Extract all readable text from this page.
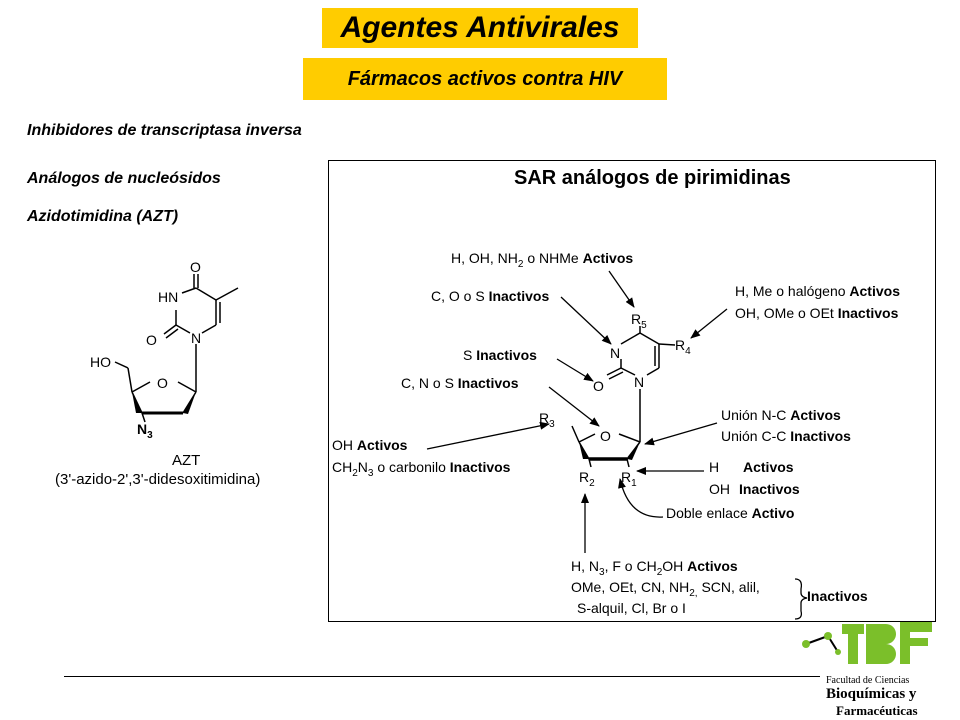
Agentes Antivirales
Fármacos activos contra HIV
Inhibidores de transcriptasa inversa
Análogos de nucleósidos
Azidotimidina (AZT)
O
HN
O N
HO
O
$N_3$
AZT
(3'-azido-2',3'-didesoxitimidina)
SAR análogos de pirimidinas
$R_5$
$R_4$
N
N
O
$R_3$
O
$R_2$ $R_1$
H, OH, $NH_2$ o NHMe Activos
C, O o S Inactivos	H, Me o halógeno Activos
OH, OMe o OEt Inactivos
S Inactivos
C, N o S Inactivos
Unión N-C Activos
Unión C-C Inactivos
OH Activos
$CH_2N_3$ o carbonilo Inactivos	H Activos
OH Inactivos
Doble enlace Activo
H, $N_3$, F o $CH_2OH$ Activos
OMe, OEt, CN, $NH_{2,}$ SCN, alil,
S-alquil, Cl, Br o I
Inactivos
Facultad de Ciencias
Bioquímicas y
Farmacéuticas
